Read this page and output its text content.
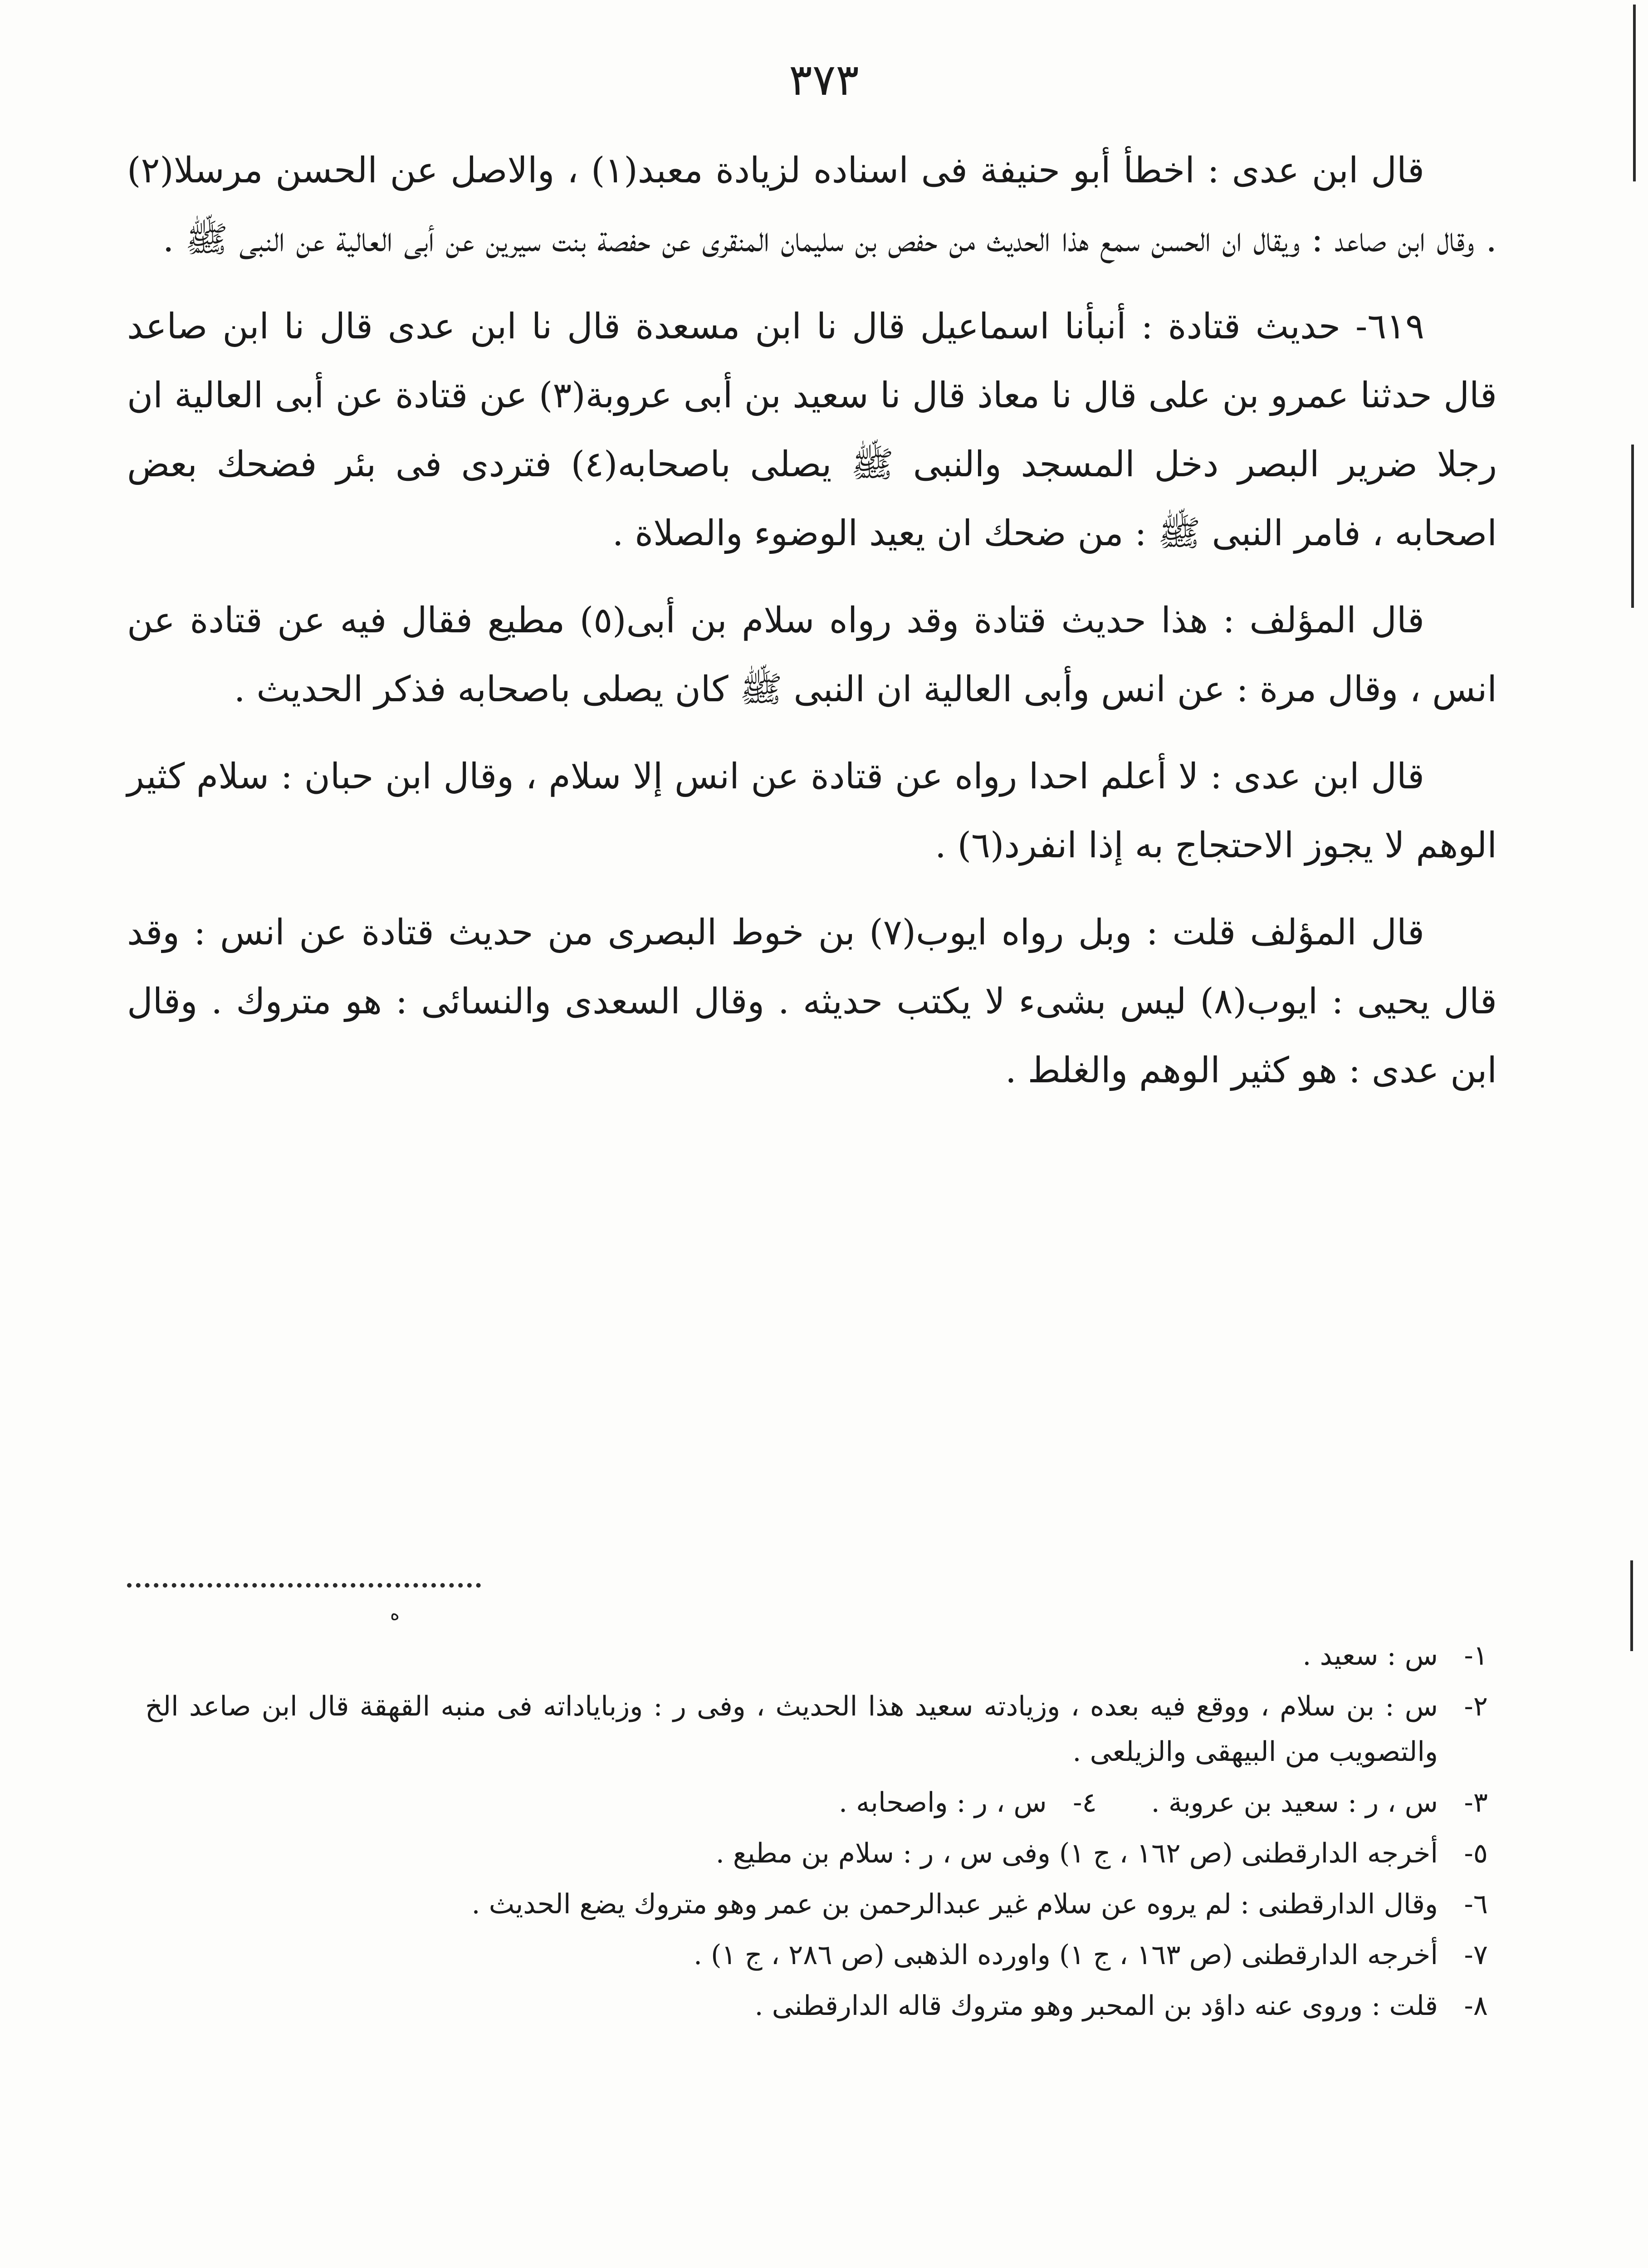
٣٧٣

قال ابن عدى : اخطأ أبو حنيفة فى اسناده لزيادة معبد(١) ، والاصل عن الحسن مرسلا(٢) . وقال ابن صاعد : ويقال ان الحسن سمع هذا الحديث من حفص بن سليمان المنقرى عن حفصة بنت سيرين عن أبى العالية عن النبى ﷺ .

٦١٩- حديث قتادة : أنبأنا اسماعيل قال نا ابن مسعدة قال نا ابن عدى قال نا ابن صاعد قال حدثنا عمرو بن على قال نا معاذ قال نا سعيد بن أبى عروبة(٣) عن قتادة عن أبى العالية ان رجلا ضرير البصر دخل المسجد والنبى ﷺ يصلى باصحابه(٤) فتردى فى بئر فضحك بعض اصحابه ، فامر النبى ﷺ : من ضحك ان يعيد الوضوء والصلاة .

قال المؤلف : هذا حديث قتادة وقد رواه سلام بن أبى(٥) مطيع فقال فيه عن قتادة عن انس ، وقال مرة : عن انس وأبى العالية ان النبى ﷺ كان يصلى باصحابه فذكر الحديث .

قال ابن عدى : لا أعلم احدا رواه عن قتادة عن انس إلا سلام ، وقال ابن حبان : سلام كثير الوهم لا يجوز الاحتجاج به إذا انفرد(٦) .

قال المؤلف قلت : وبل رواه ايوب(٧) بن خوط البصرى من حديث قتادة عن انس : وقد قال يحيى : ايوب(٨) ليس بشىء لا يكتب حديثه . وقال السعدى والنسائى : هو متروك . وقال ابن عدى : هو كثير الوهم والغلط .

ه
١-
س : سعيد .
٢-
س : بن سلام ، ووقع فيه بعده ، وزيادته سعيد هذا الحديث ، وفى ر : وزباياداته فى منبه القهقة قال ابن صاعد الخ والتصويب من البيهقى والزيلعى .
٣-
س ، ر : سعيد بن عروبة .
٤-
س ، ر : واصحابه .
٥-
أخرجه الدارقطنى (ص ١٦٢ ، ج ١) وفى س ، ر : سلام بن مطيع .
٦-
وقال الدارقطنى : لم يروه عن سلام غير عبدالرحمن بن عمر وهو متروك يضع الحديث .
٧-
أخرجه الدارقطنى (ص ١٦٣ ، ج ١) واورده الذهبى (ص ٢٨٦ ، ج ١) .
٨-
قلت : وروى عنه داؤد بن المحبر وهو متروك قاله الدارقطنى .
